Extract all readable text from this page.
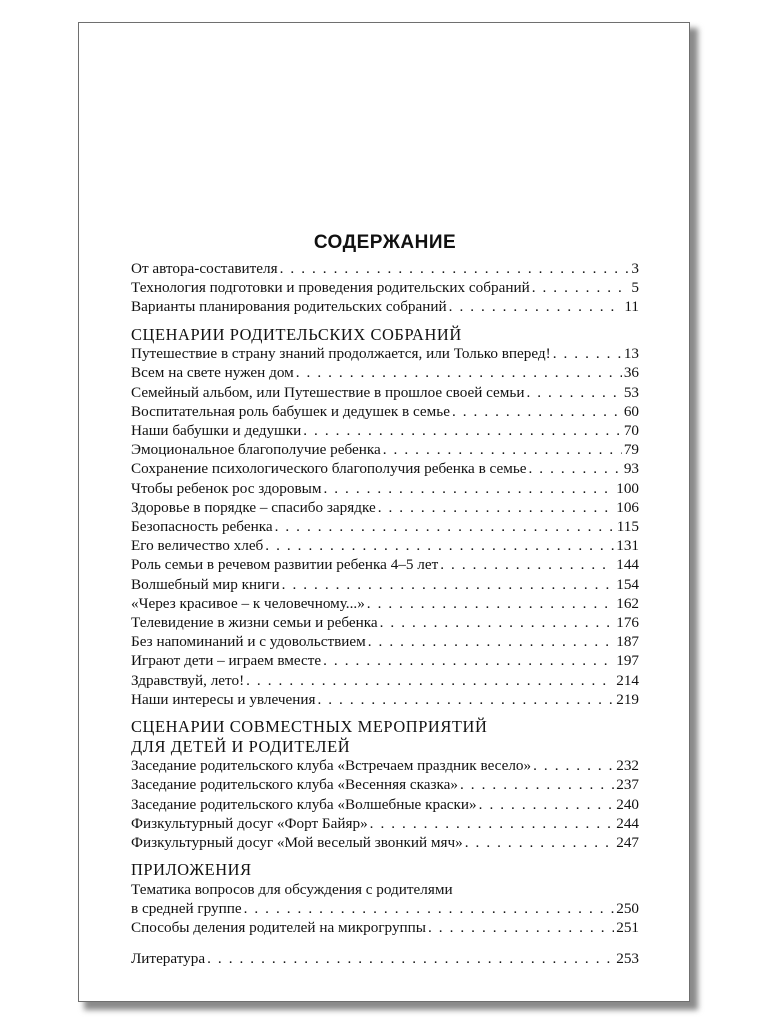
СОДЕРЖАНИЕ
От автора-составителя . . .	3
Технология подготовки и проведения родительских собраний . . .	5
Варианты планирования родительских собраний . . .	11
СЦЕНАРИИ РОДИТЕЛЬСКИХ СОБРАНИЙ
Путешествие в страну знаний продолжается, или Только вперед! . . .	13
Всем на свете нужен дом . . .	36
Семейный альбом, или Путешествие в прошлое своей семьи . . .	53
Воспитательная роль бабушек и дедушек в семье . . .	60
Наши бабушки и дедушки . . .	70
Эмоциональное благополучие ребенка . . .	79
Сохранение психологического благополучия ребенка в семье . . .	93
Чтобы ребенок рос здоровым . . .	100
Здоровье в порядке – спасибо зарядке . . .	106
Безопасность ребенка . . .	115
Его величество хлеб . . .	131
Роль семьи в речевом развитии ребенка 4–5 лет . . .	144
Волшебный мир книги . . .	154
«Через красивое – к человечному...» . . .	162
Телевидение в жизни семьи и ребенка . . .	176
Без напоминаний и с удовольствием . . .	187
Играют дети – играем вместе . . .	197
Здравствуй, лето! . . .	214
Наши интересы и увлечения . . .	219
СЦЕНАРИИ СОВМЕСТНЫХ МЕРОПРИЯТИЙ
ДЛЯ ДЕТЕЙ И РОДИТЕЛЕЙ
Заседание родительского клуба «Встречаем праздник весело» . . .	232
Заседание родительского клуба «Весенняя сказка» . . .	237
Заседание родительского клуба «Волшебные краски» . . .	240
Физкультурный досуг «Форт Байяр» . . .	244
Физкультурный досуг «Мой веселый звонкий мяч» . . .	247
ПРИЛОЖЕНИЯ
Тематика вопросов для обсуждения с родителями
в средней группе . . .	250
Способы деления родителей на микрогруппы . . .	251
Литература . . .	253
